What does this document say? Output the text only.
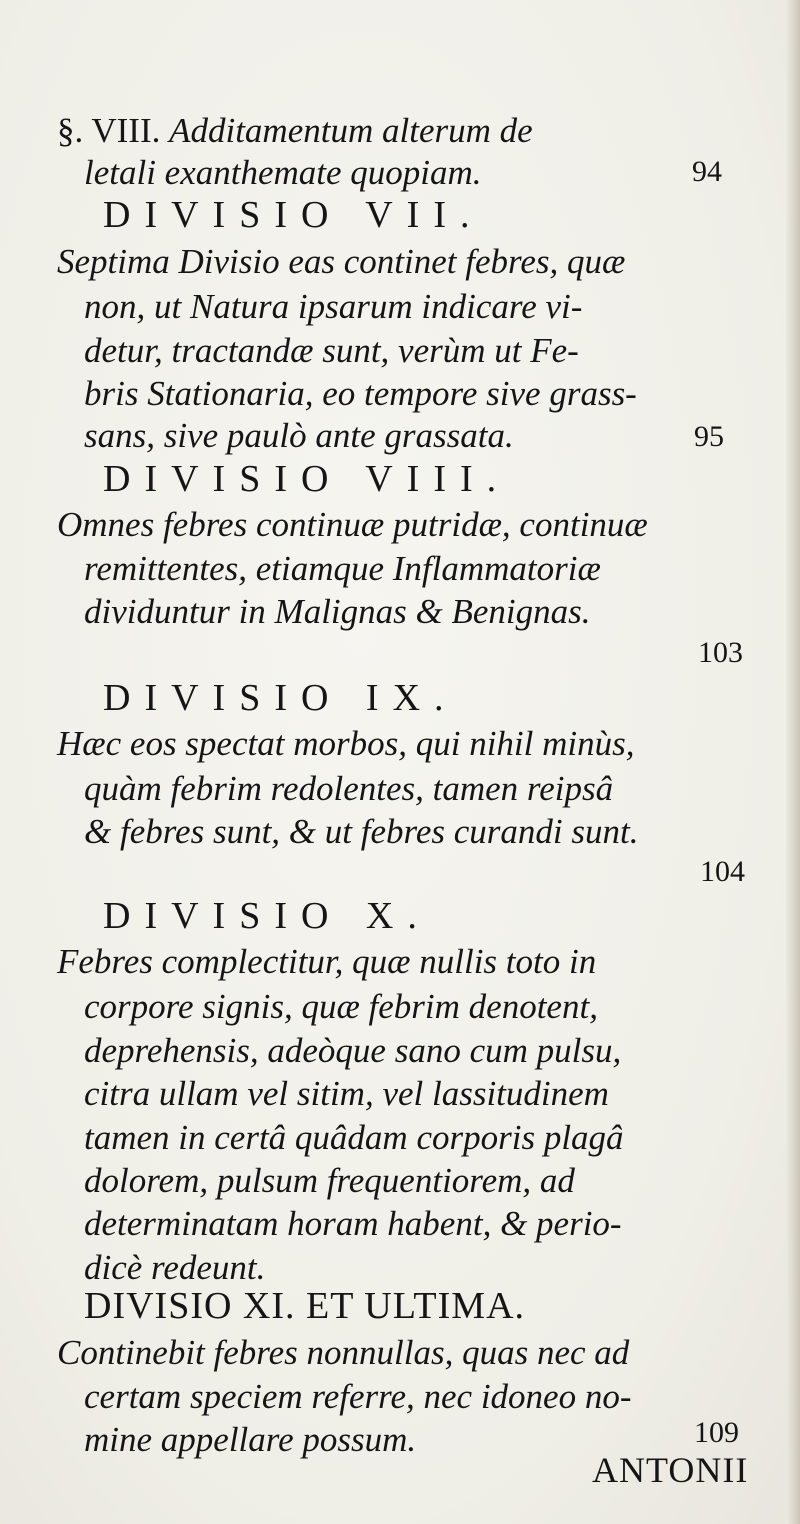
§. VIII. Additamentum alterum de
letali exanthemate quopiam.	94
DIVISIO VII.
Septima Divisio eas continet febres, quæ
non, ut Natura ipsarum indicare vi-
detur, tractandæ sunt, verùm ut Fe-
bris Stationaria, eo tempore sive grass-
sans, sive paulò ante grassata.	95
DIVISIO VIII.
Omnes febres continuæ putridæ, continuæ
remittentes, etiamque Inflammatoriæ
dividuntur in Malignas & Benignas.
103
DIVISIO IX.
Hæc eos spectat morbos, qui nihil minùs,
quàm febrim redolentes, tamen reipsâ
& febres sunt, & ut febres curandi sunt.
104
DIVISIO X.
Febres complectitur, quæ nullis toto in
corpore signis, quæ febrim denotent,
deprehensis, adeòque sano cum pulsu,
citra ullam vel sitim, vel lassitudinem
tamen in certâ quâdam corporis plagâ
dolorem, pulsum frequentiorem, ad
determinatam horam habent, & perio-
dicè redeunt.
DIVISIO XI. ET ULTIMA.
Continebit febres nonnullas, quas nec ad
certam speciem referre, nec idoneo no-
mine appellare possum.	109
ANTONII
